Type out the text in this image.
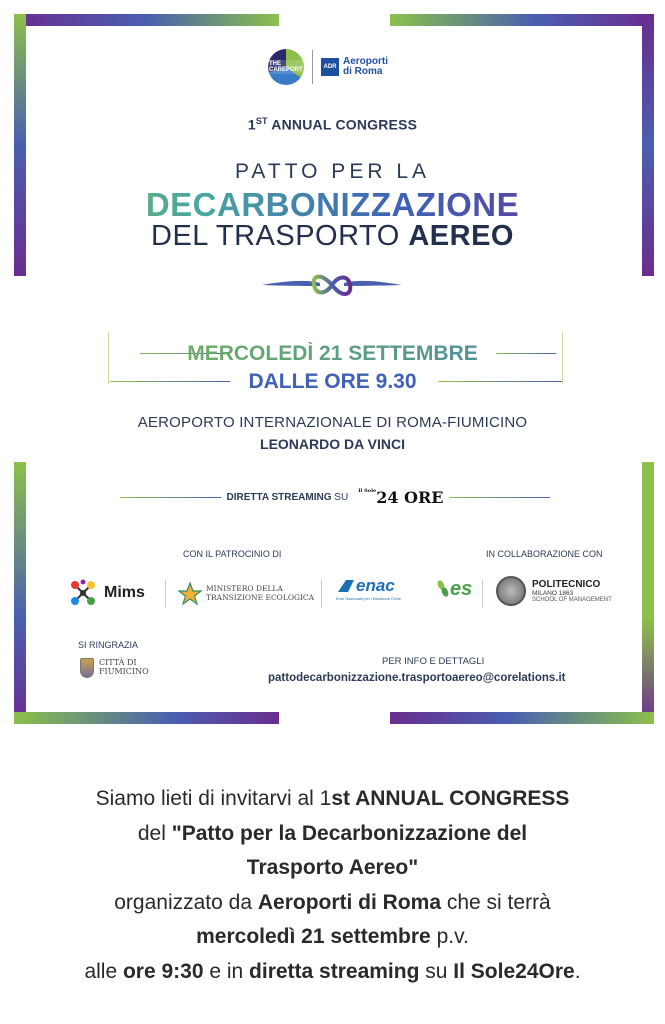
THE CAREPORT	ADR
Aeroporti
di Roma
1ST ANNUAL CONGRESS
PATTO PER LA
DECARBONIZZAZIONE
DEL TRASPORTO AEREO
MERCOLEDÌ 21 SETTEMBRE
DALLE ORE 9.30
AEROPORTO INTERNAZIONALE DI ROMA-FIUMICINO
LEONARDO DA VINCI
DIRETTA STREAMING SU
$^{Il Sole}$24 ORE
CON IL PATROCINIO DI	IN COLLABORAZIONE CON
Mims	MINISTERO DELLA
TRANSIZIONE ECOLOGICA
enac
Ente Nazionale per l'Aviazione Civile es	POLITECNICO
MILANO 1863
SCHOOL OF MANAGEMENT
SI RINGRAZIA
CITTÀ DI
FIUMICINO
PER INFO E DETTAGLI
pattodecarbonizzazione.trasportoaereo@corelations.it
Siamo lieti di invitarvi al 1st ANNUAL CONGRESS
del "Patto per la Decarbonizzazione del
Trasporto Aereo"
organizzato da Aeroporti di Roma che si terrà
mercoledì 21 settembre p.v.
alle ore 9:30 e in diretta streaming su Il Sole24Ore.
